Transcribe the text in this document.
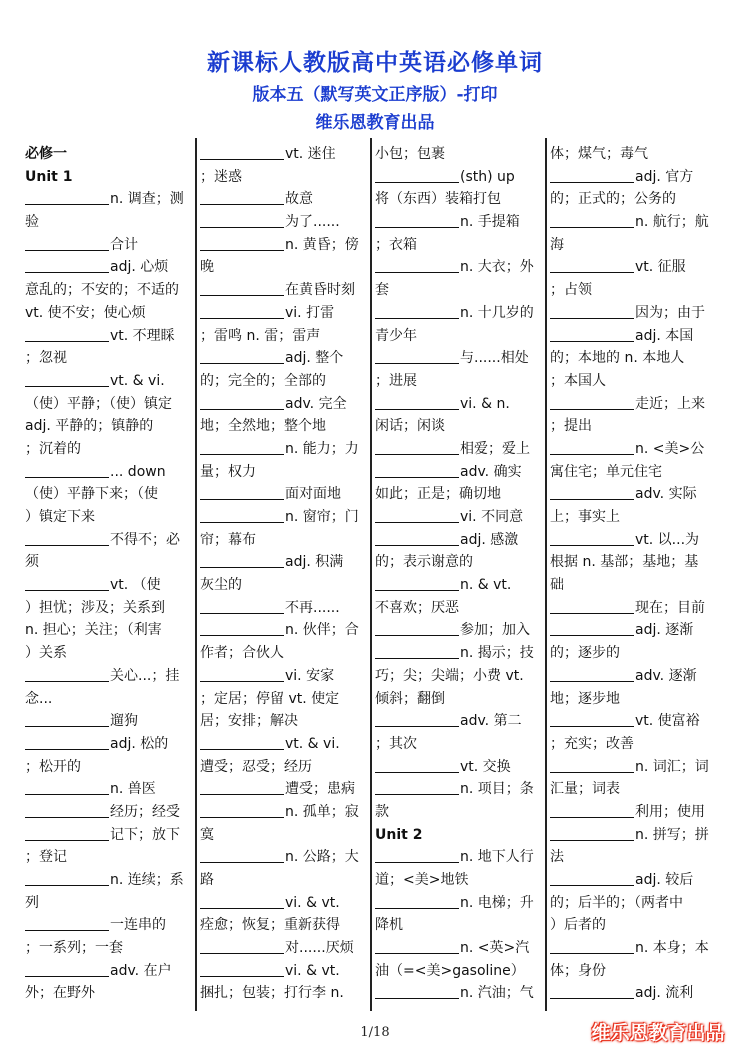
新课标人教版高中英语必修单词
版本五（默写英文正序版）-打印
维乐恩教育出品
必修一
Unit 1
n. 调查；测
验
合计
adj. 心烦
意乱的；不安的；不适的
vt. 使不安；使心烦
vt. 不理睬
；忽视
vt. & vi.
（使）平静；（使）镇定
adj. 平静的；镇静的
；沉着的
... down
（使）平静下来；（使
）镇定下来
不得不；必
须
vt. （使
）担忧；涉及；关系到
n. 担心；关注；（利害
）关系
关心...；挂
念...
遛狗
adj. 松的
；松开的
n. 兽医
经历；经受
记下；放下
；登记
n. 连续；系
列
一连串的
；一系列；一套
adv. 在户
外；在野外
vt. 迷住
；迷惑
故意
为了......
n. 黄昏；傍
晚
在黄昏时刻
vi. 打雷
；雷鸣 n. 雷；雷声
adj. 整个
的；完全的；全部的
adv. 完全
地；全然地；整个地
n. 能力；力
量；权力
面对面地
n. 窗帘；门
帘；幕布
adj. 积满
灰尘的
不再......
n. 伙伴；合
作者；合伙人
vi. 安家
；定居；停留 vt. 使定
居；安排；解决
vt. & vi.
遭受；忍受；经历
遭受；患病
n. 孤单；寂
寞
n. 公路；大
路
vi. & vt.
痊愈；恢复；重新获得
对......厌烦
vi. & vt.
捆扎；包装；打行李 n.
小包；包裹
(sth) up
将（东西）装箱打包
n. 手提箱
；衣箱
n. 大衣；外
套
n. 十几岁的
青少年
与......相处
；进展
vi. & n.
闲话；闲谈
相爱；爱上
adv. 确实
如此；正是；确切地
vi. 不同意
adj. 感激
的；表示谢意的
n. & vt.
不喜欢；厌恶
参加；加入
n. 揭示；技
巧；尖；尖端；小费 vt.
倾斜；翻倒
adv. 第二
；其次
vt. 交换
n. 项目；条
款
Unit 2
n. 地下人行
道；<美>地铁
n. 电梯；升
降机
n. <英>汽
油（=<美>gasoline）
n. 汽油；气
体；煤气；毒气
adj. 官方
的；正式的；公务的
n. 航行；航
海
vt. 征服
；占领
因为；由于
adj. 本国
的；本地的 n. 本地人
；本国人
走近；上来
；提出
n. <美>公
寓住宅；单元住宅
adv. 实际
上；事实上
vt. 以...为
根据 n. 基部；基地；基
础
现在；目前
adj. 逐渐
的；逐步的
adv. 逐渐
地；逐步地
vt. 使富裕
；充实；改善
n. 词汇；词
汇量；词表
利用；使用
n. 拼写；拼
法
adj. 较后
的；后半的；（两者中
）后者的
n. 本身；本
体；身份
adj. 流利
1/18	维乐恩教育出品
